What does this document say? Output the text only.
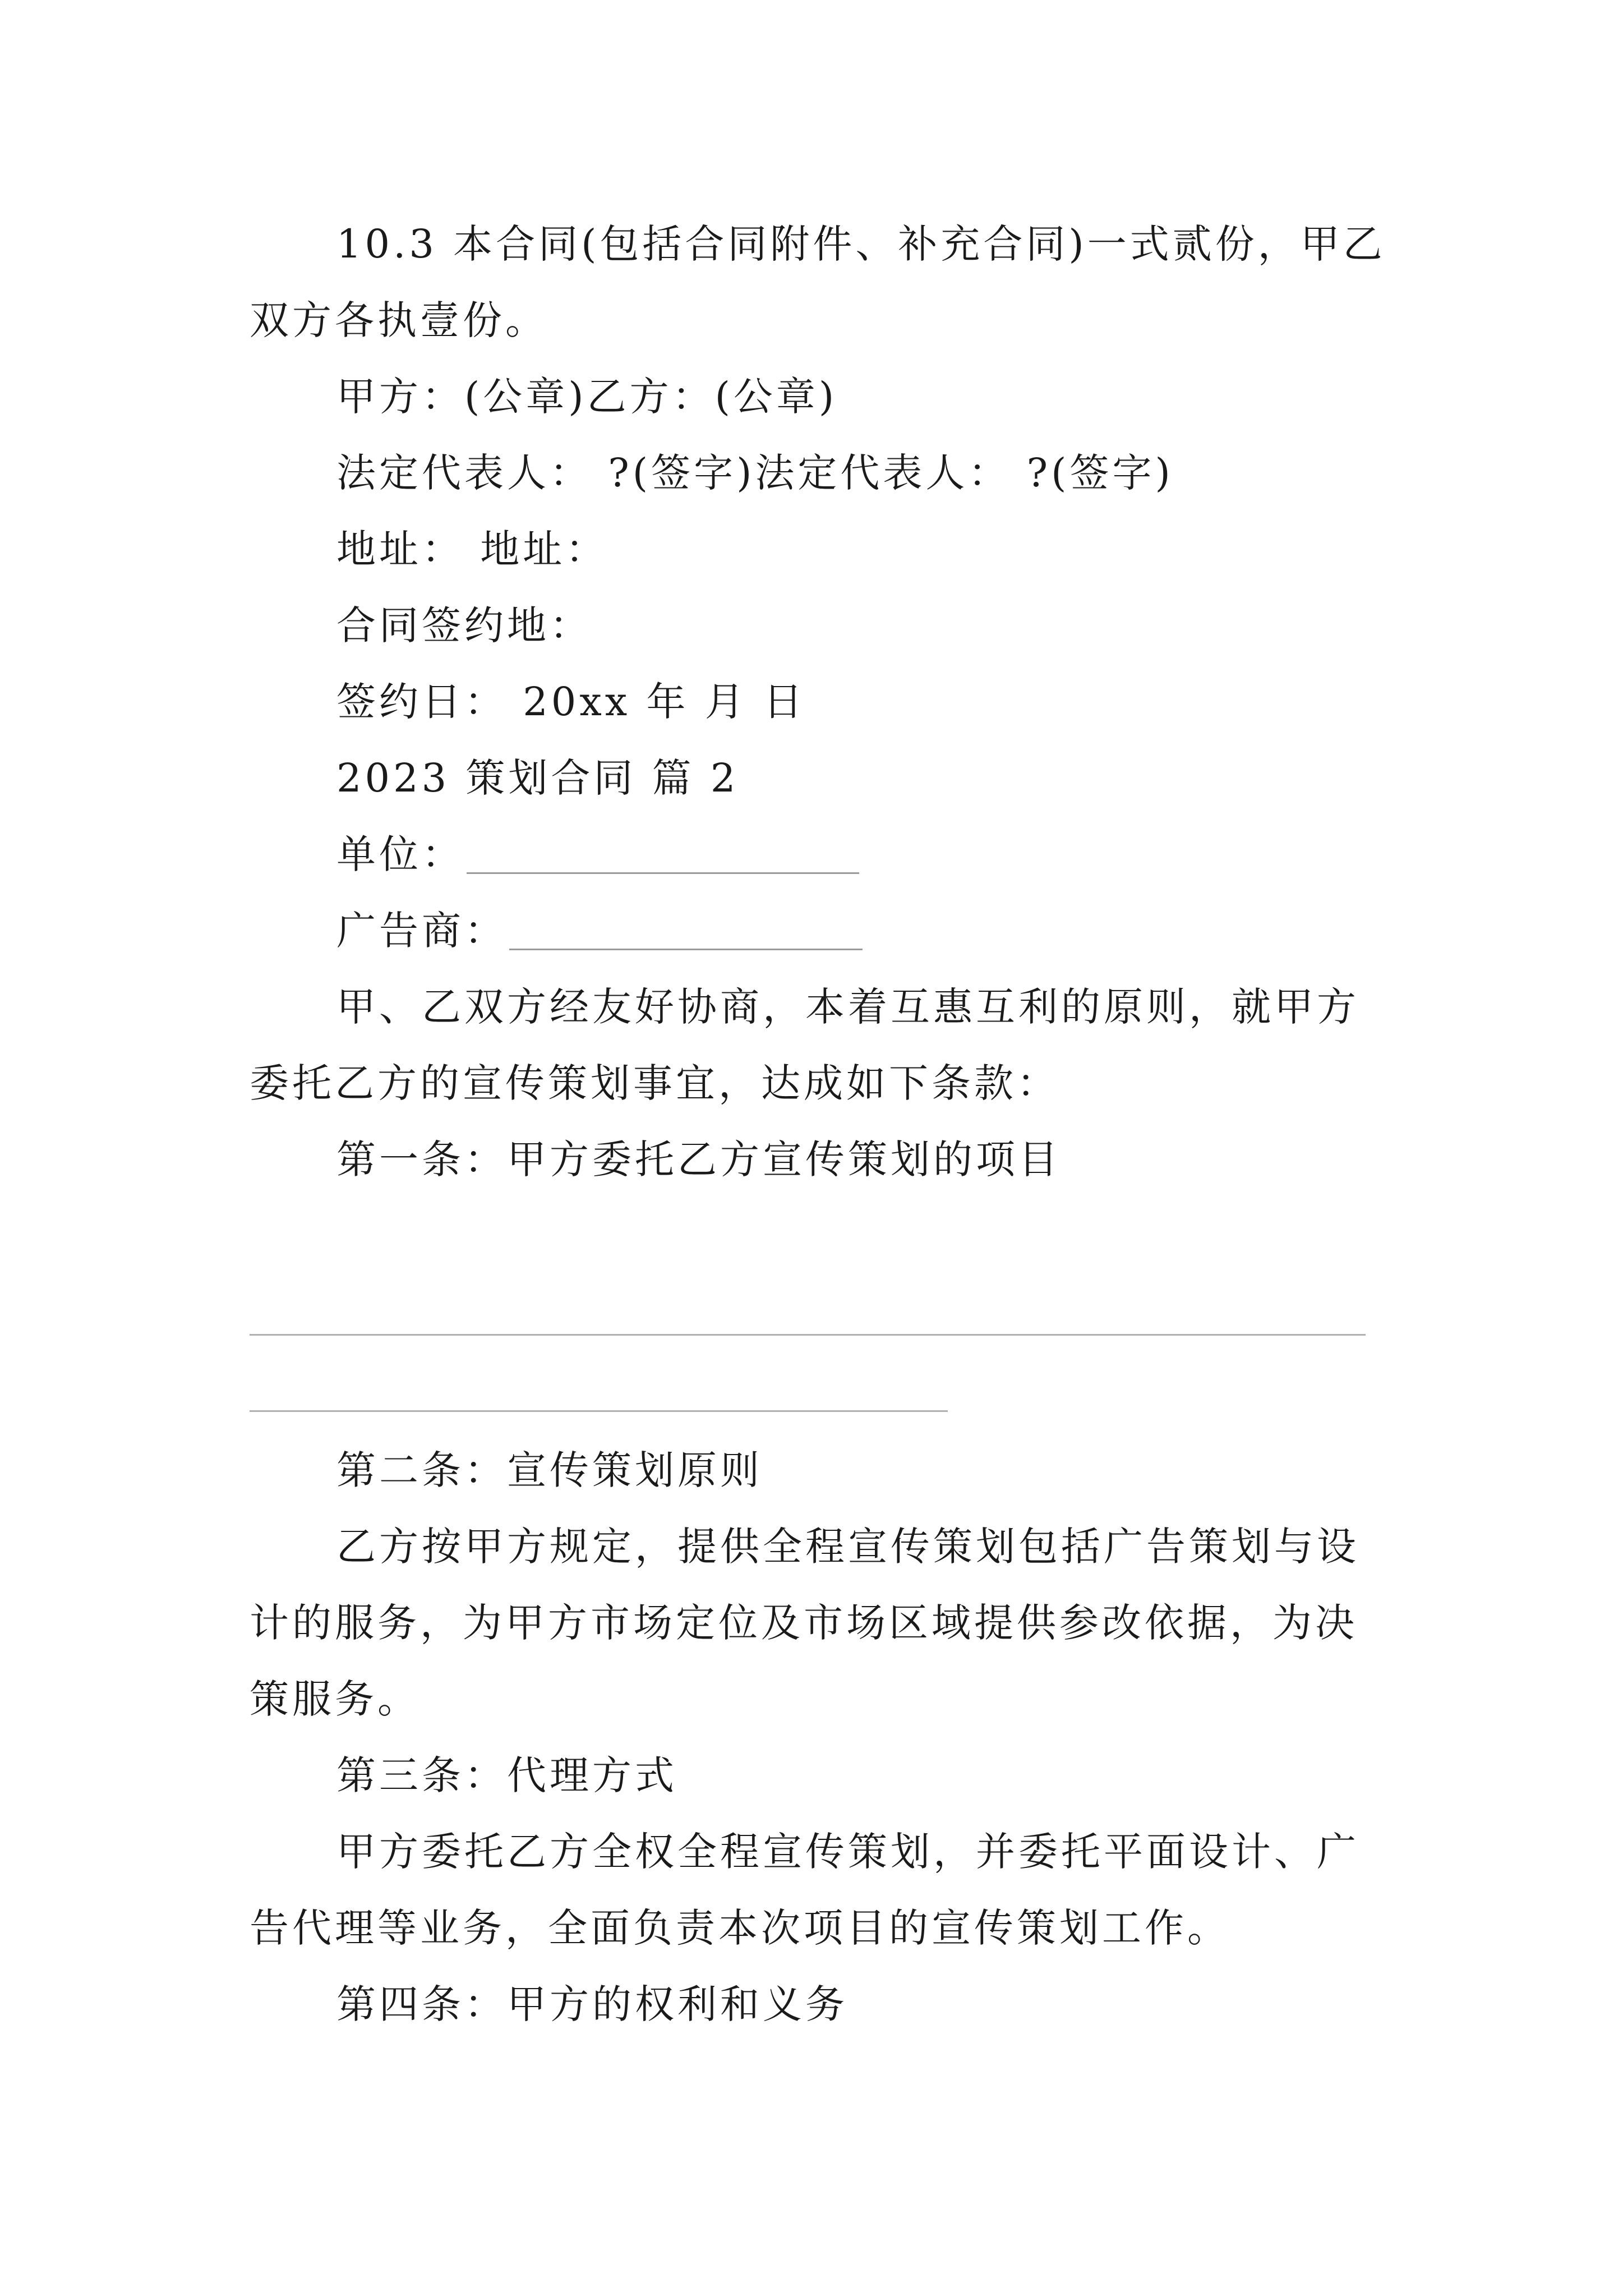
10.3 本合同(包括合同附件、补充合同)一式贰份，甲乙
双方各执壹份。
甲方：(公章)乙方：(公章)
法定代表人： ?(签字)法定代表人： ?(签字)
地址： 地址：
合同签约地：
签约日： 20xx 年 月 日
2023 策划合同 篇 2
单位：
广告商：
甲、乙双方经友好协商，本着互惠互利的原则，就甲方
委托乙方的宣传策划事宜，达成如下条款：
第一条：甲方委托乙方宣传策划的项目
第二条：宣传策划原则
乙方按甲方规定，提供全程宣传策划包括广告策划与设
计的服务，为甲方市场定位及市场区域提供参改依据，为决
策服务。
第三条：代理方式
甲方委托乙方全权全程宣传策划，并委托平面设计、广
告代理等业务，全面负责本次项目的宣传策划工作。
第四条：甲方的权利和义务
